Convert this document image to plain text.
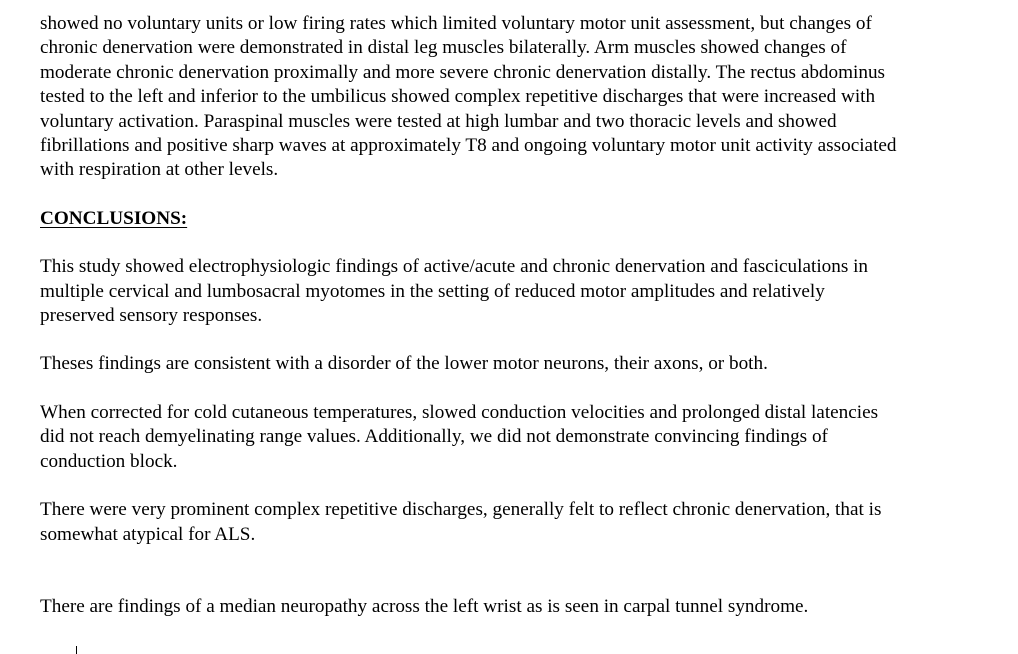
showed no voluntary units or low firing rates which limited voluntary motor unit assessment, but changes of
chronic denervation were demonstrated in distal leg muscles bilaterally. Arm muscles showed changes of
moderate chronic denervation proximally and more severe chronic denervation distally. The rectus abdominus
tested to the left and inferior to the umbilicus showed complex repetitive discharges that were increased with
voluntary activation. Paraspinal muscles were tested at high lumbar and two thoracic levels and showed
fibrillations and positive sharp waves at approximately T8 and ongoing voluntary motor unit activity associated
with respiration at other levels.

CONCLUSIONS:

This study showed electrophysiologic findings of active/acute and chronic denervation and fasciculations in
multiple cervical and lumbosacral myotomes in the setting of reduced motor amplitudes and relatively
preserved sensory responses.

Theses findings are consistent with a disorder of the lower motor neurons, their axons, or both.

When corrected for cold cutaneous temperatures, slowed conduction velocities and prolonged distal latencies
did not reach demyelinating range values. Additionally, we did not demonstrate convincing findings of
conduction block.

There were very prominent complex repetitive discharges, generally felt to reflect chronic denervation, that is
somewhat atypical for ALS.

There are findings of a median neuropathy across the left wrist as is seen in carpal tunnel syndrome.
